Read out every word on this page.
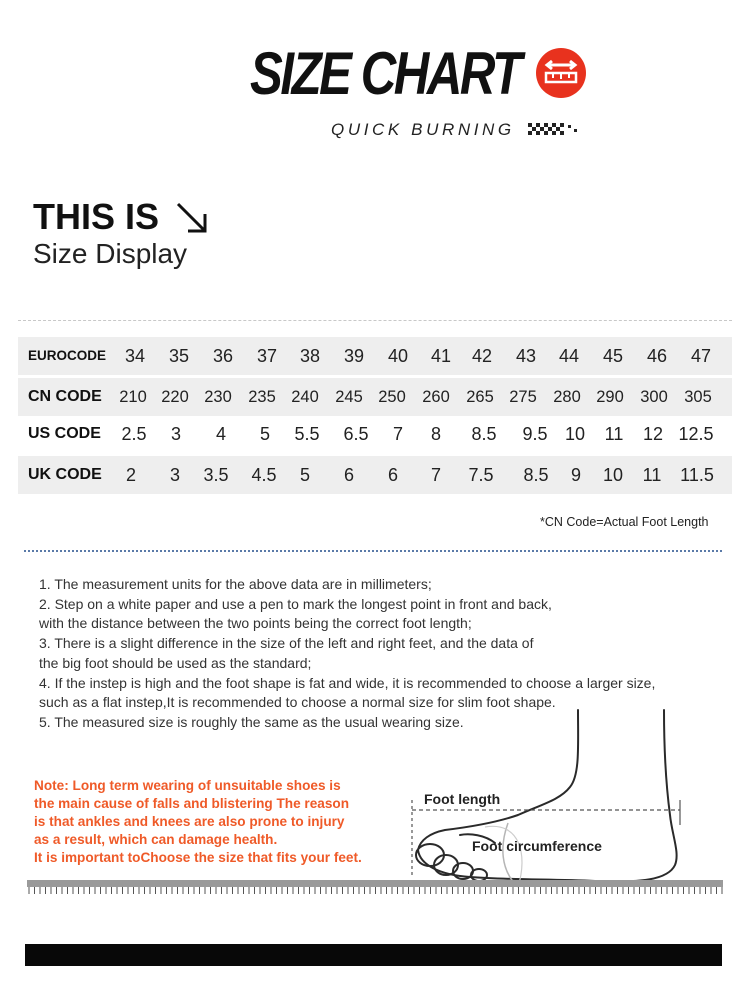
SIZE CHART
QUICK BURNING
THIS IS
Size Display
EUROCODE	34	35	36	37	38	39	40	41	42	43	44	45	46	47
CN CODE	210 220 230 235 240 245 250 260 265 275 280 290 300 305
US CODE	2.5	3	4	5	5.5	6.5	7	8	8.5	9.5 10	11	12 12.5
UK CODE	2	3	3.5	4.5	5	6	6	7	7.5	8.5	9	10	11	11.5
*CN Code=Actual Foot Length
1. The measurement units for the above data are in millimeters;
2. Step on a white paper and use a pen to mark the longest point in front and back,
with the distance between the two points being the correct foot length;
3. There is a slight difference in the size of the left and right feet, and the data of
the big foot should be used as the standard;
4. If the instep is high and the foot shape is fat and wide, it is recommended to choose a larger size,
such as a flat instep,It is recommended to choose a normal size for slim foot shape.
5. The measured size is roughly the same as the usual wearing size.
Note: Long term wearing of unsuitable shoes is
the main cause of falls and blistering The reason
is that ankles and knees are also prone to injury
as a result, which can damage health.
It is important toChoose the size that fits your feet.
Foot length
Foot circumference
